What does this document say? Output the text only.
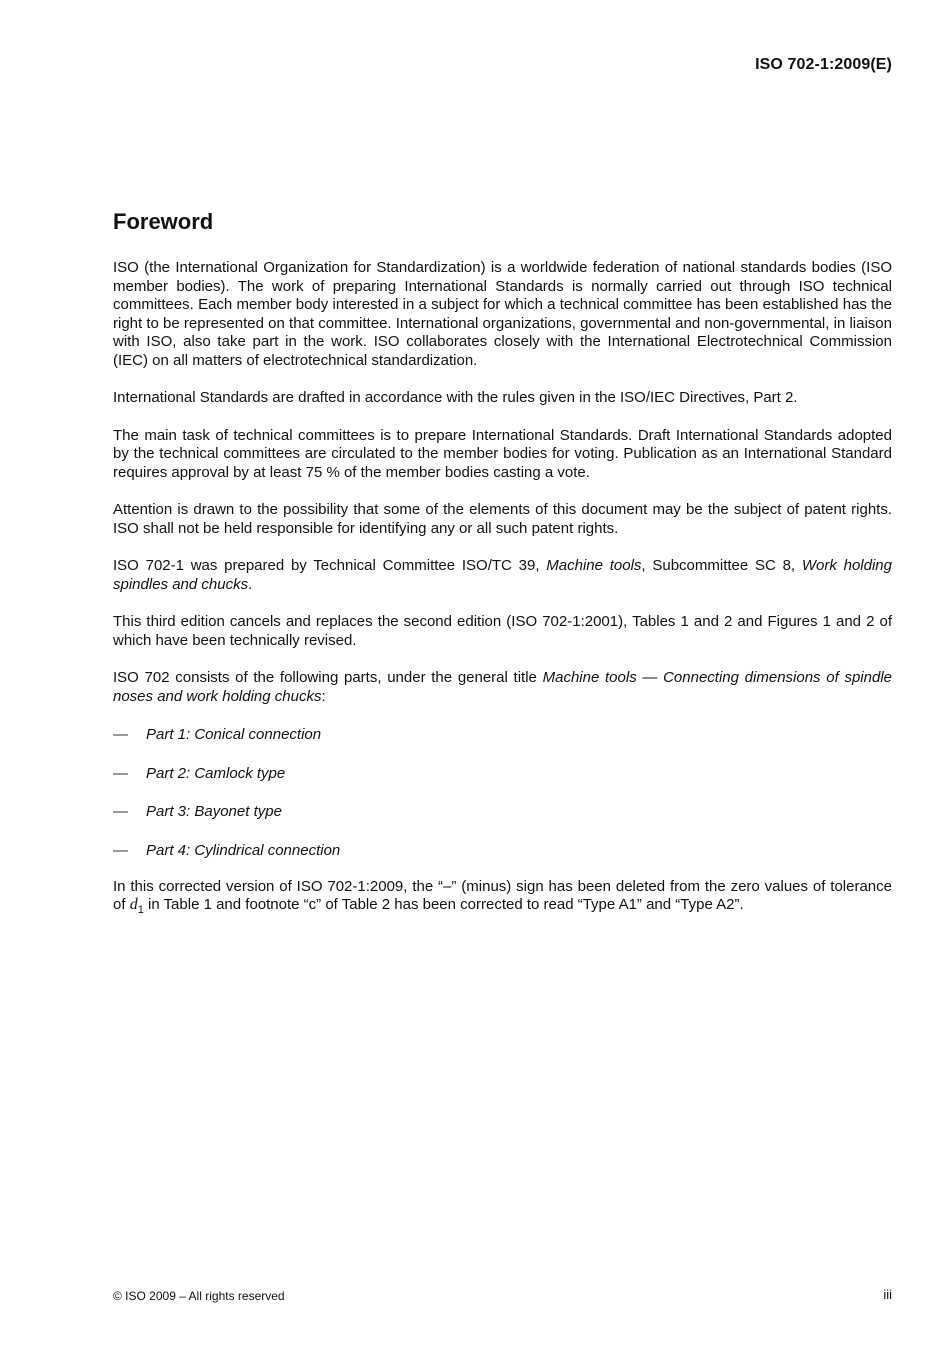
ISO 702-1:2009(E)
Foreword

ISO (the International Organization for Standardization) is a worldwide federation of national standards bodies (ISO member bodies). The work of preparing International Standards is normally carried out through ISO technical committees. Each member body interested in a subject for which a technical committee has been established has the right to be represented on that committee. International organizations, governmental and non-governmental, in liaison with ISO, also take part in the work. ISO collaborates closely with the International Electrotechnical Commission (IEC) on all matters of electrotechnical standardization.

International Standards are drafted in accordance with the rules given in the ISO/IEC Directives, Part 2.

The main task of technical committees is to prepare International Standards. Draft International Standards adopted by the technical committees are circulated to the member bodies for voting. Publication as an International Standard requires approval by at least 75 % of the member bodies casting a vote.

Attention is drawn to the possibility that some of the elements of this document may be the subject of patent rights. ISO shall not be held responsible for identifying any or all such patent rights.

ISO 702-1 was prepared by Technical Committee ISO/TC 39, Machine tools, Subcommittee SC 8, Work holding spindles and chucks.

This third edition cancels and replaces the second edition (ISO 702-1:2001), Tables 1 and 2 and Figures 1 and 2 of which have been technically revised.

ISO 702 consists of the following parts, under the general title Machine tools — Connecting dimensions of spindle noses and work holding chucks:

— Part 1: Conical connection
— Part 2: Camlock type
— Part 3: Bayonet type
— Part 4: Cylindrical connection

In this corrected version of ISO 702-1:2009, the “–” (minus) sign has been deleted from the zero values of tolerance of $d_1$ in Table 1 and footnote “c” of Table 2 has been corrected to read “Type A1” and “Type A2”.

© ISO 2009 – All rights reserved	iii
